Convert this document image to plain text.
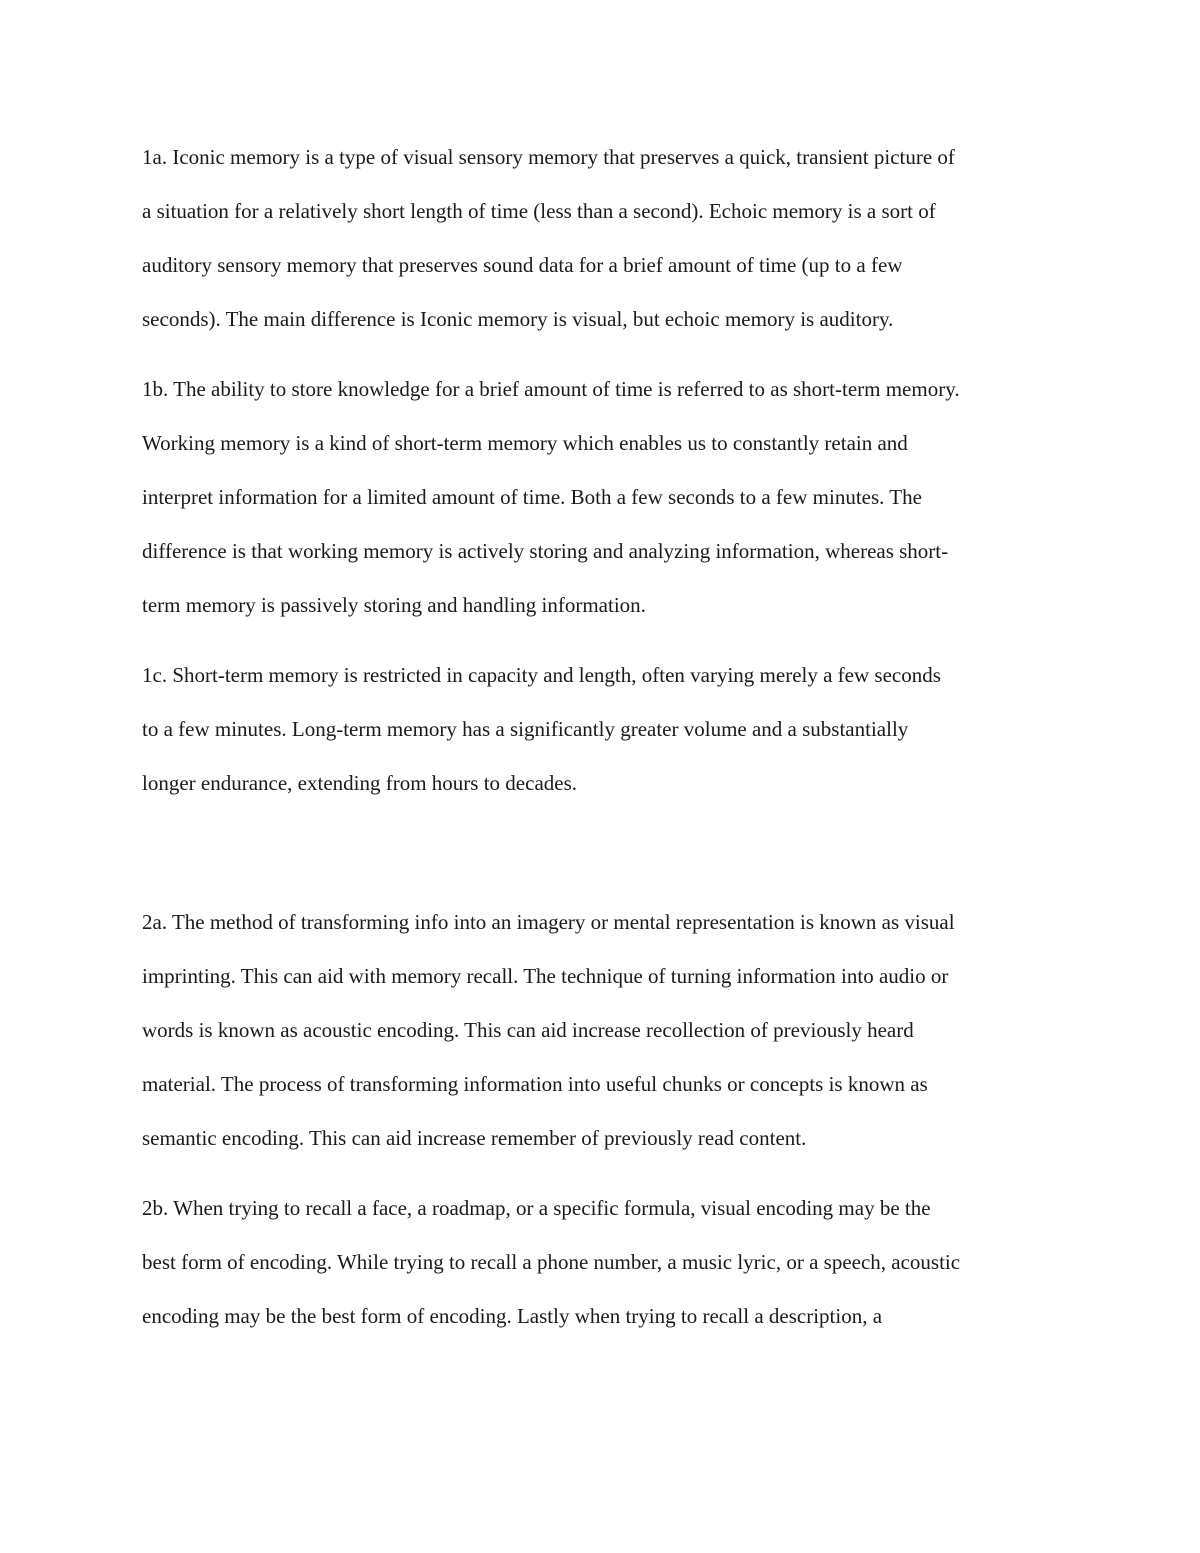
1a. Iconic memory is a type of visual sensory memory that preserves a quick, transient picture of
a situation for a relatively short length of time (less than a second). Echoic memory is a sort of
auditory sensory memory that preserves sound data for a brief amount of time (up to a few
seconds). The main difference is Iconic memory is visual, but echoic memory is auditory.
1b. The ability to store knowledge for a brief amount of time is referred to as short-term memory.
Working memory is a kind of short-term memory which enables us to constantly retain and
interpret information for a limited amount of time. Both a few seconds to a few minutes. The
difference is that working memory is actively storing and analyzing information, whereas short-
term memory is passively storing and handling information.
1c. Short-term memory is restricted in capacity and length, often varying merely a few seconds
to a few minutes. Long-term memory has a significantly greater volume and a substantially
longer endurance, extending from hours to decades.
2a. The method of transforming info into an imagery or mental representation is known as visual
imprinting. This can aid with memory recall. The technique of turning information into audio or
words is known as acoustic encoding. This can aid increase recollection of previously heard
material. The process of transforming information into useful chunks or concepts is known as
semantic encoding. This can aid increase remember of previously read content.
2b. When trying to recall a face, a roadmap, or a specific formula, visual encoding may be the
best form of encoding. While trying to recall a phone number, a music lyric, or a speech, acoustic
encoding may be the best form of encoding. Lastly when trying to recall a description, a
